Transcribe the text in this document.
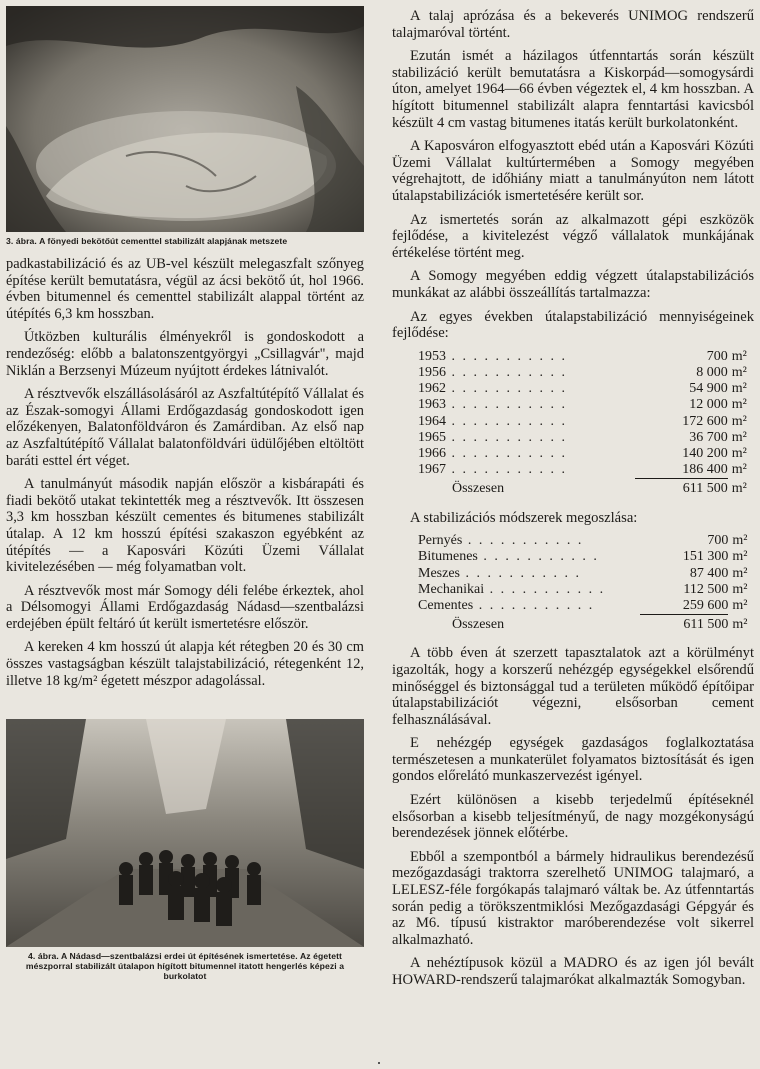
3. ábra. A fönyedi bekötőút cementtel stabilizált alapjának metszete

padkastabilizáció és az UB-vel készült melegaszfalt szőnyeg építése került bemutatásra, végül az ácsi bekötő út, hol 1966. évben bitumennel és cementtel stabilizált alappal történt az útépítés 6,3 km hosszban.

Útközben kulturális élményekről is gondoskodott a rendezőség: előbb a balatonszentgyörgyi „Csillagvár", majd Niklán a Berzsenyi Múzeum nyújtott érdekes látnivalót.

A résztvevők elszállásolásáról az Aszfaltútépítő Vállalat és az Észak-somogyi Állami Erdőgazdaság gondoskodott igen előzékenyen, Balatonföldváron és Zamárdiban. Az első nap az Aszfaltútépítő Vállalat balatonföldvári üdülőjében eltöltött baráti esttel ért véget.

A tanulmányút második napján először a kisbárapáti és fiadi bekötő utakat tekintették meg a résztvevők. Itt összesen 3,3 km hosszban készült cementes és bitumenes stabilizált útalap. A 12 km hosszú építési szakaszon egyébként az útépítés — a Kaposvári Közúti Üzemi Vállalat kivitelezésében — még folyamatban volt.

A résztvevők most már Somogy déli felébe érkeztek, ahol a Délsomogyi Állami Erdőgazdaság Nádasd—szentbalázsi erdejében épült feltáró út került ismertetésre először.

A kereken 4 km hosszú út alapja két rétegben 20 és 30 cm összes vastagságban készült talajstabilizáció, rétegenként 12, illetve 18 kg/m² égetett mészpor adagolással.

4. ábra. A Nádasd—szentbalázsi erdei út építésének ismertetése. Az égetett mészporral stabilizált útalapon hígított bitumennel itatott hengerlés képezi a burkolatot

A talaj aprózása és a bekeverés UNIMOG rendszerű talajmaróval történt.

Ezután ismét a házilagos útfenntartás során készült stabilizáció került bemutatásra a Kiskorpád—somogysárdi úton, amelyet 1964—66 évben végeztek el, 4 km hosszban. A hígított bitumennel stabilizált alapra fenntartási kavicsból készült 4 cm vastag bitumenes itatás került burkolatonként.

A Kaposváron elfogyasztott ebéd után a Kaposvári Közúti Üzemi Vállalat kultúrtermében a Somogy megyében végrehajtott, de időhiány miatt a tanulmányúton nem látott útalapstabilizációk ismertetésére került sor.

Az ismertetés során az alkalmazott gépi eszközök fejlődése, a kivitelezést végző vállalatok munkájának értékelése történt meg.

A Somogy megyében eddig végzett útalapstabilizációs munkákat az alábbi összeállítás tartalmazza:

Az egyes években útalapstabilizáció mennyiségeinek fejlődése:

1953 . . . . . . . . . . .	700	m²
1956 . . . . . . . . . . .	8 000	m²
1962 . . . . . . . . . . .	54 900	m²
1963 . . . . . . . . . . .	12 000	m²
1964 . . . . . . . . . . .	172 600	m²
1965 . . . . . . . . . . .	36 700	m²
1966 . . . . . . . . . . .	140 200	m²
1967 . . . . . . . . . . .	186 400	m²
Összesen	611 500	m²

A stabilizációs módszerek megoszlása:

Pernyés . . . . . . . . . . .	700	m²
Bitumenes . . . . . . . . . . .	151 300	m²
Meszes . . . . . . . . . . .	87 400	m²
Mechanikai . . . . . . . . . . .	112 500	m²
Cementes . . . . . . . . . . .	259 600	m²
Összesen	611 500	m²

A több éven át szerzett tapasztalatok azt a körülményt igazolták, hogy a korszerű nehézgép egységekkel elsőrendű minőséggel és biztonsággal tud a területen működő építőipar útalapstabilizációt végezni, elsősorban cement felhasználásával.

E nehézgép egységek gazdaságos foglalkoztatása természetesen a munkaterület folyamatos biztosítását és igen gondos előrelátó munkaszervezést igényel.

Ezért különösen a kisebb terjedelmű építéseknél elsősorban a kisebb teljesítményű, de nagy mozgékonyságú berendezések jönnek előtérbe.

Ebből a szempontból a bármely hidraulikus berendezésű mezőgazdasági traktorra szerelhető UNIMOG talajmaró, a LELESZ-féle forgókapás talajmaró váltak be. Az útfenntartás során pedig a törökszentmiklósi Mezőgazdasági Gépgyár és az M6. típusú kistraktor maróberendezése volt sikerrel alkalmazható.

A nehéztípusok közül a MADRO és az igen jól bevált HOWARD-rendszerű talajmarókat alkalmazták Somogyban.
